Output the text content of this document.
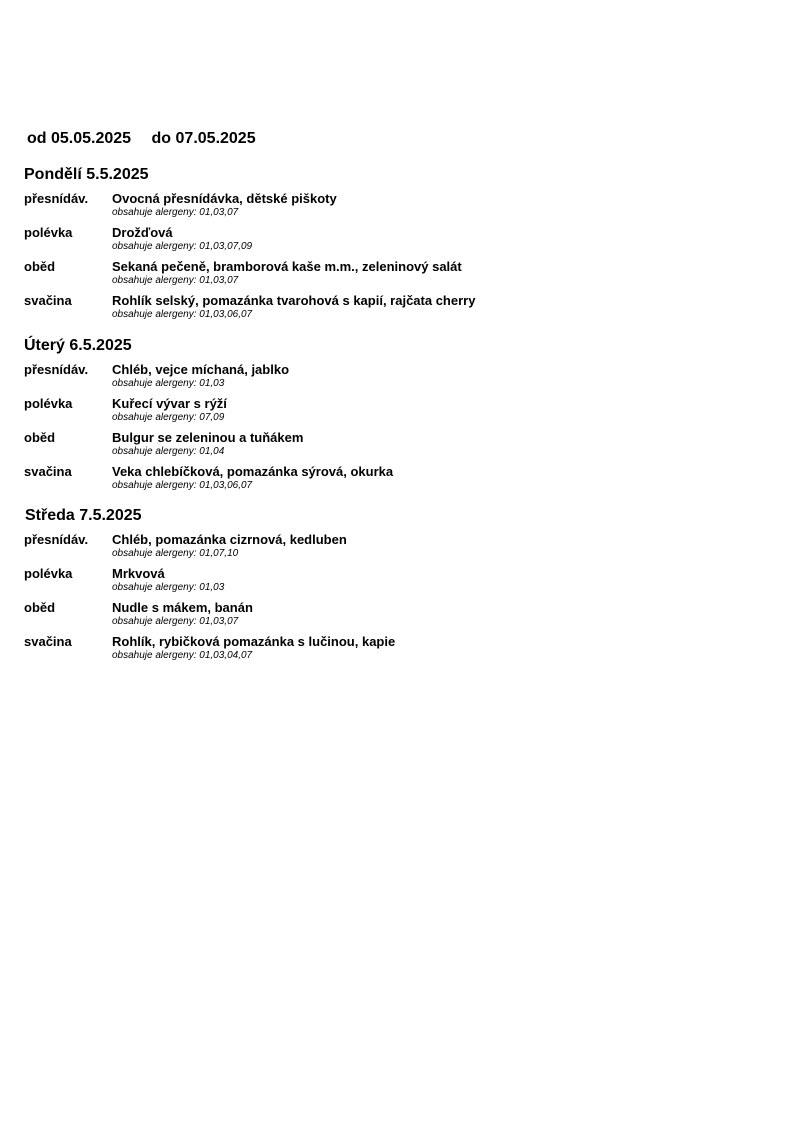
od 05.05.2025 do 07.05.2025
Pondělí 5.5.2025
přesnídáv. Ovocná přesnídávka, dětské piškoty
obsahuje alergeny: 01,03,07
polévka	Drožďová
obsahuje alergeny: 01,03,07,09
oběd	Sekaná pečeně, bramborová kaše m.m., zeleninový salát
obsahuje alergeny: 01,03,07
svačina	Rohlík selský, pomazánka tvarohová s kapií, rajčata cherry
obsahuje alergeny: 01,03,06,07
Úterý 6.5.2025
přesnídáv. Chléb, vejce míchaná, jablko
obsahuje alergeny: 01,03
polévka	Kuřecí vývar s rýží
obsahuje alergeny: 07,09
oběd	Bulgur se zeleninou a tuňákem
obsahuje alergeny: 01,04
svačina	Veka chlebíčková, pomazánka sýrová, okurka
obsahuje alergeny: 01,03,06,07
Středa 7.5.2025
přesnídáv. Chléb, pomazánka cizrnová, kedluben
obsahuje alergeny: 01,07,10
polévka	Mrkvová
obsahuje alergeny: 01,03
oběd	Nudle s mákem, banán
obsahuje alergeny: 01,03,07
svačina	Rohlík, rybičková pomazánka s lučinou, kapie
obsahuje alergeny: 01,03,04,07
